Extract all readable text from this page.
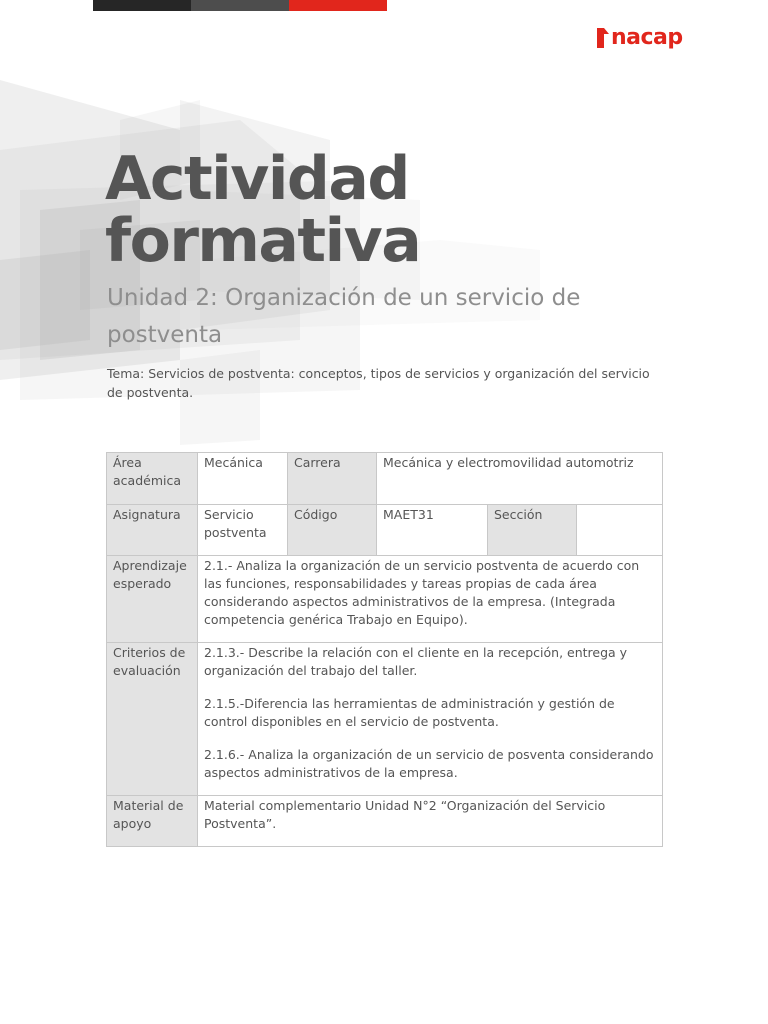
nacap
Actividad
formativa
Unidad 2: Organización de un servicio de postventa

Tema: Servicios de postventa: conceptos, tipos de servicios y organización del servicio de postventa.

Área académica	Mecánica	Carrera	Mecánica y electromovilidad automotriz		
Asignatura	Servicio postventa	Código	MAET31	Sección	
Aprendizaje esperado	2.1.- Analiza la organización de un servicio postventa de acuerdo con las funciones, responsabilidades y tareas propias de cada área considerando aspectos administrativos de la empresa. (Integrada competencia genérica Trabajo en Equipo).				
Criterios de evaluación	2.1.3.- Describe la relación con el cliente en la recepción, entrega y organización del trabajo del taller.

2.1.5.-Diferencia las herramientas de administración y gestión de control disponibles en el servicio de postventa.

2.1.6.- Analiza la organización de un servicio de posventa considerando aspectos administrativos de la empresa.				

Material de apoyo	Material complementario Unidad N°2 “Organización del Servicio Postventa”.				
